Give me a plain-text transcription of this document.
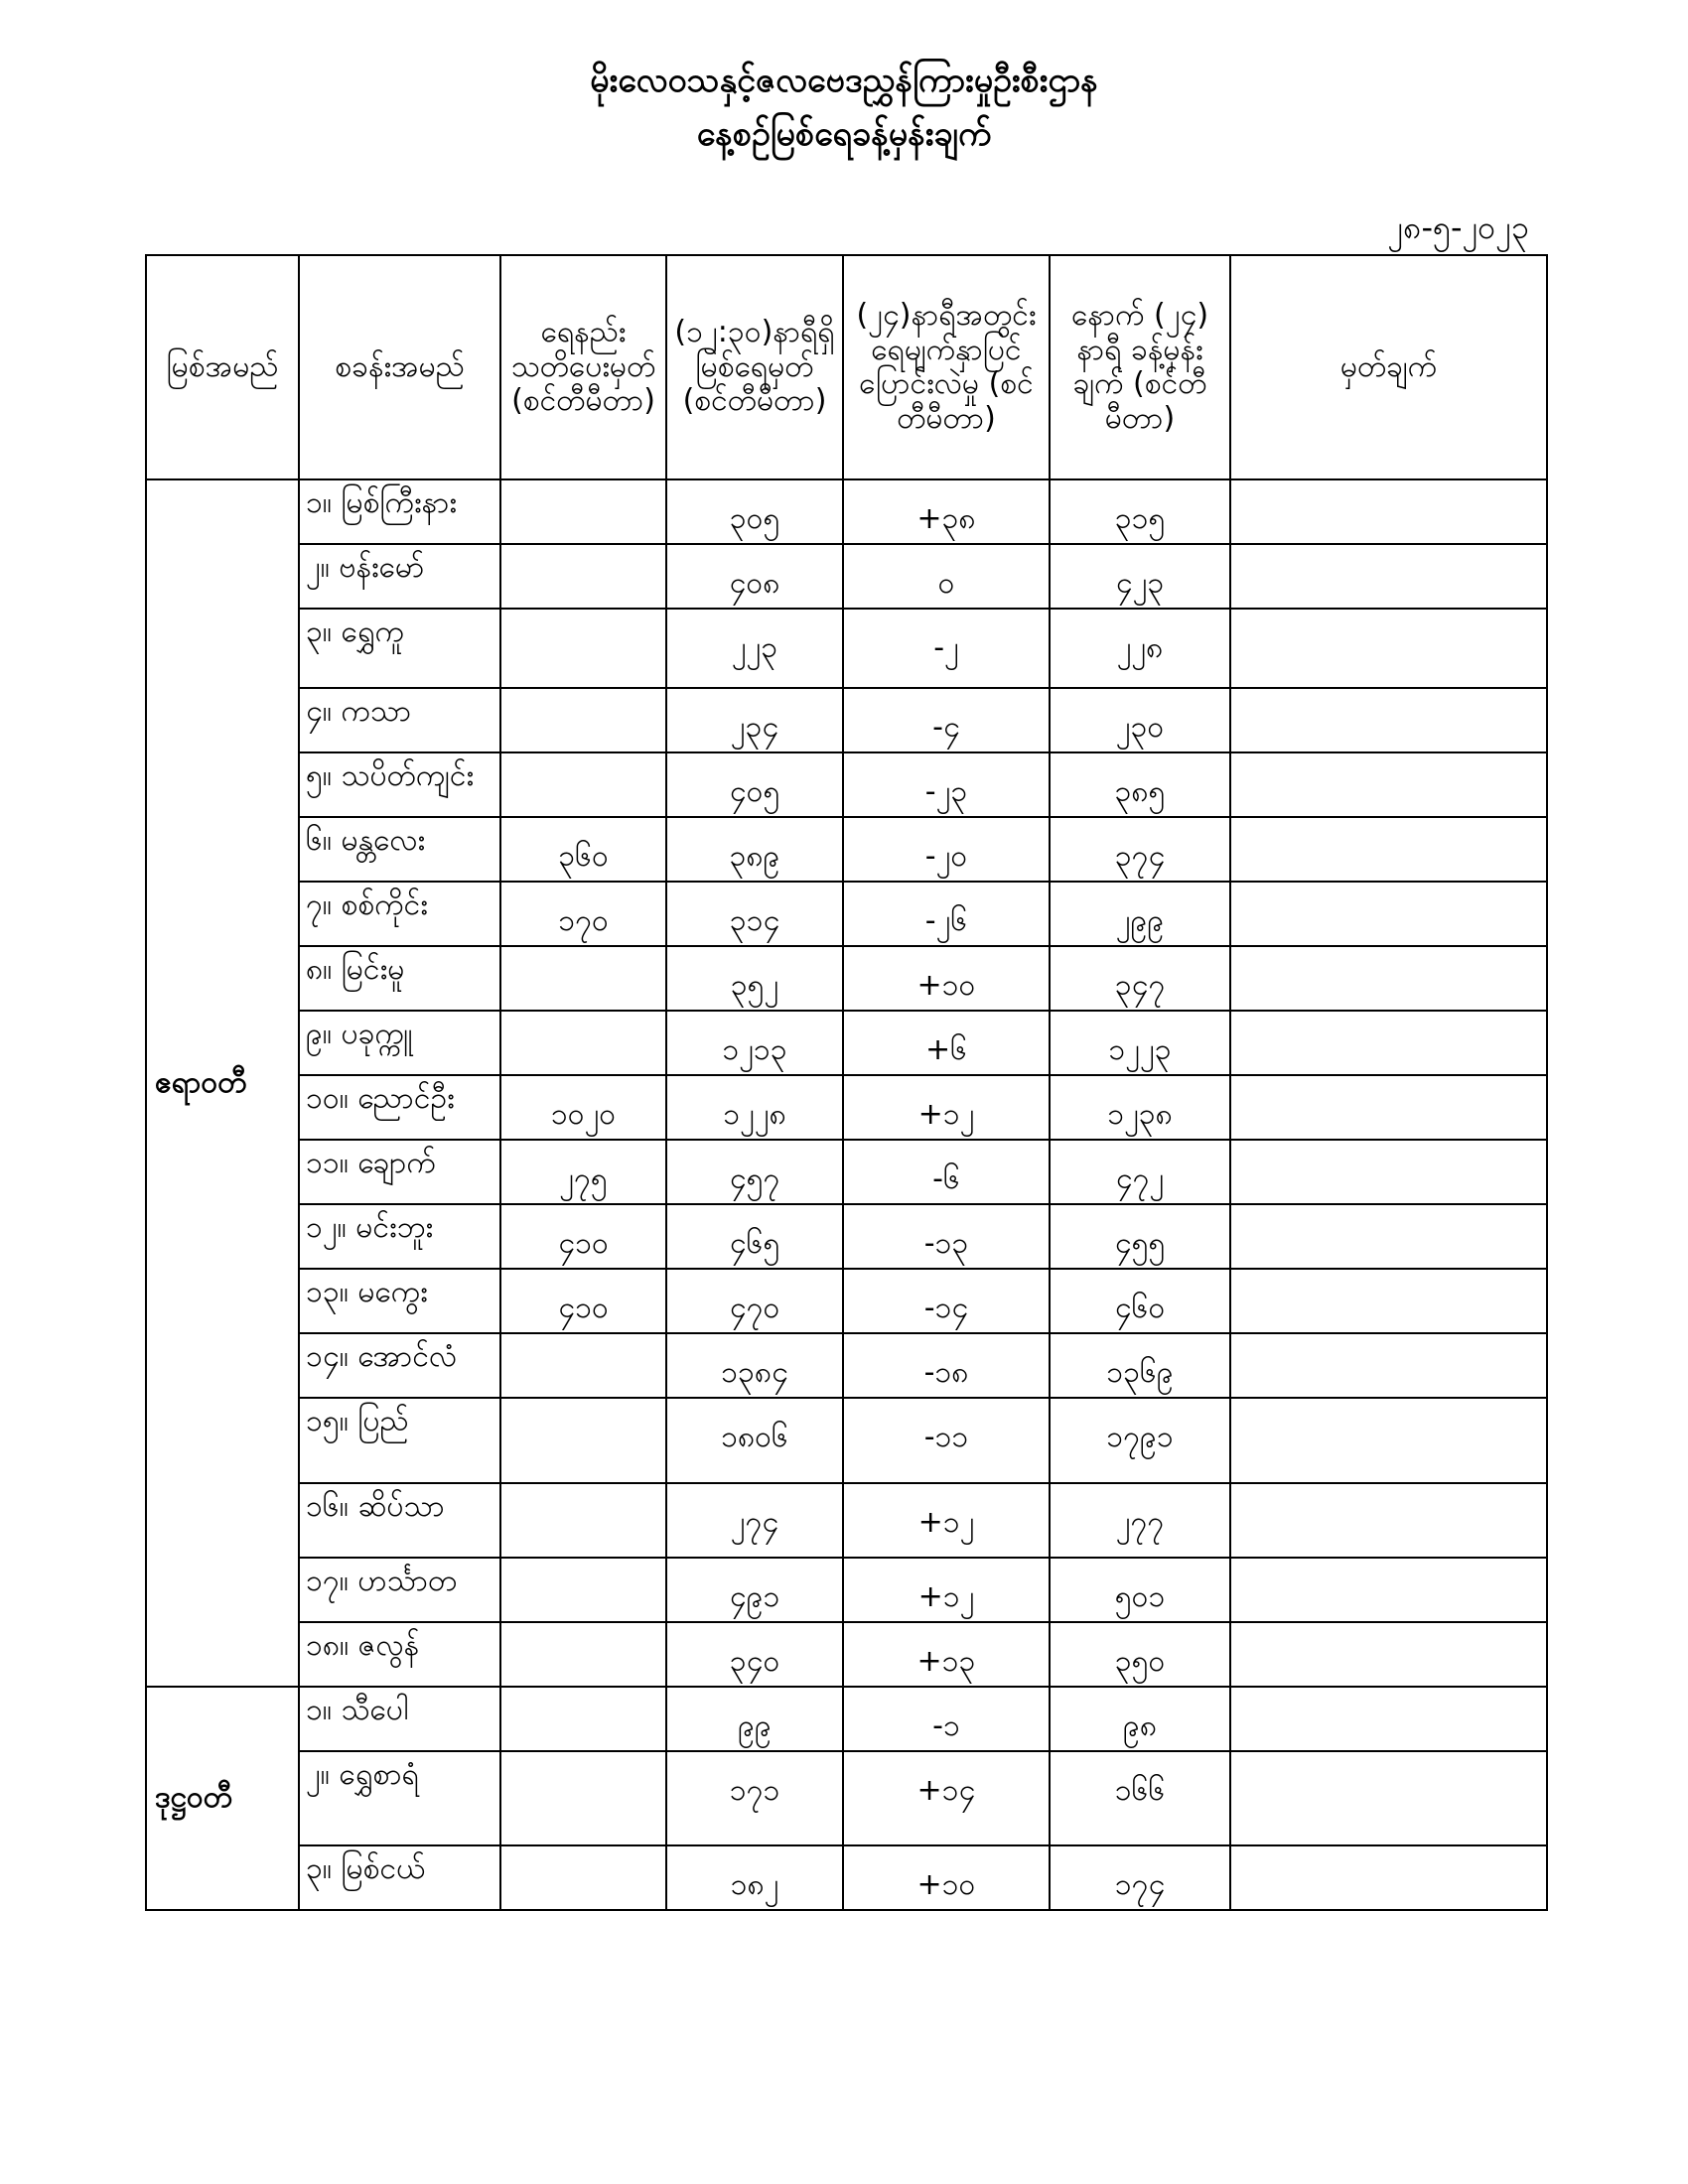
မိုးလေဝသနှင့်ဇလဗေဒညွှန်ကြားမှုဦးစီးဌာန
နေ့စဉ်မြစ်ရေခန့်မှန်းချက်
၂၈-၅-၂၀၂၃
မြစ်အမည်	စခန်းအမည်	ရေနည်းသတိပေးမှတ် (စင်တီမီတာ)	(၁၂:၃၀)နာရီရှိ မြစ်ရေမှတ် (စင်တီမီတာ)	(၂၄)နာရီအတွင်း ရေမျက်နှာပြင် ပြောင်းလဲမှု (စင်တီမီတာ)	နောက် (၂၄) နာရီ ခန့်မှန်းချက် (စင်တီမီတာ)	မှတ်ချက်
ဧရာဝတီ	၁။ မြစ်ကြီးနား		၃၀၅	+၃၈	၃၁၅	
	၂။ ဗန်းမော်		၄၀၈	၀	၄၂၃	
	၃။ ရွှေကူ		၂၂၃	-၂	၂၂၈	
	၄။ ကသာ		၂၃၄	-၄	၂၃၀	
	၅။ သပိတ်ကျင်း		၄၀၅	-၂၃	၃၈၅	
	၆။ မန္တလေး	၃၆၀	၃၈၉	-၂၀	၃၇၄	
	၇။ စစ်ကိုင်း	၁၇၀	၃၁၄	-၂၆	၂၉၉	
	၈။ မြင်းမူ		၃၅၂	+၁၀	၃၄၇	
	၉။ ပခုက္ကူ		၁၂၁၃	+၆	၁၂၂၃	
	၁၀။ ညောင်ဦး	၁၀၂၀	၁၂၂၈	+၁၂	၁၂၃၈	
	၁၁။ ချောက်	၂၇၅	၄၅၇	-၆	၄၇၂	
	၁၂။ မင်းဘူး	၄၁၀	၄၆၅	-၁၃	၄၅၅	
	၁၃။ မကွေး	၄၁၀	၄၇၀	-၁၄	၄၆၀	
	၁၄။ အောင်လံ		၁၃၈၄	-၁၈	၁၃၆၉	
	၁၅။ ပြည်		၁၈၀၆	-၁၁	၁၇၉၁	
	၁၆။ ဆိပ်သာ		၂၇၄	+၁၂	၂၇၇	
	၁၇။ ဟင်္သာတ		၄၉၁	+၁၂	၅၀၁	
	၁၈။ ဇလွန်		၃၄၀	+၁၃	၃၅၀	
ဒုဋ္ဌဝတီ	၁။ သီပေါ		၉၉	-၁	၉၈	
	၂။ ရွှေစာရံ		၁၇၁	+၁၄	၁၆၆	
	၃။ မြစ်ငယ်		၁၈၂	+၁၀	၁၇၄	
